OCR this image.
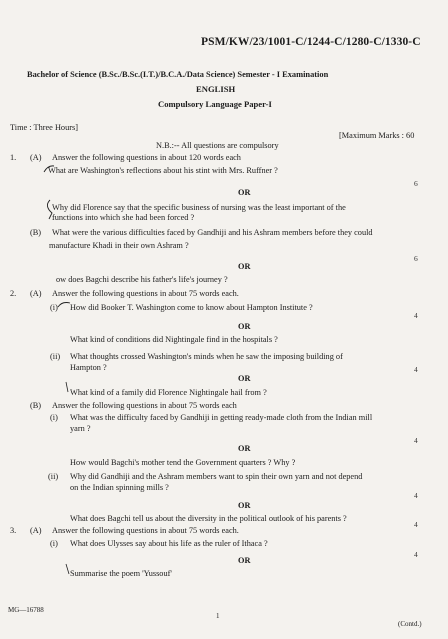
PSM/KW/23/1001-C/1244-C/1280-C/1330-C
Bachelor of Science (B.Sc./B.Sc.(I.T.)/B.C.A./Data Science) Semester - I Examination
ENGLISH
Compulsory Language Paper-I
Time : Three Hours]
[Maximum Marks : 60
N.B.:-- All questions are compulsory
1. (A) Answer the following questions in about 120 words each
What are Washington's reflections about his stint with Mrs. Ruffner ?
6
OR
Why did Florence say that the specific business of nursing was the least important of the
functions into which she had been forced ?
(B) What were the various difficulties faced by Gandhiji and his Ashram members before they could
manufacture Khadi in their own Ashram ?
6
OR
ow does Bagchi describe his father's life's journey ?
2. (A) Answer the following questions in about 75 words each.
(i) How did Booker T. Washington come to know about Hampton Institute ?
4
OR
What kind of conditions did Nightingale find in the hospitals ?
(ii) What thoughts crossed Washington's minds when he saw the imposing building of
Hampton ?	4
OR
What kind of a family did Florence Nightingale hail from ?
(B) Answer the following questions in about 75 words each
(i) What was the difficulty faced by Gandhiji in getting ready-made cloth from the Indian mill
yarn ?
4
OR
How would Bagchi's mother tend the Government quarters ? Why ?
(ii) Why did Gandhiji and the Ashram members want to spin their own yarn and not depend
on the Indian spinning mills ?
4
OR
What does Bagchi tell us about the diversity in the political outlook of his parents ?
4
3. (A) Answer the following questions in about 75 words each.
(i) What does Ulysses say about his life as the ruler of Ithaca ?
4
OR
Summarise the poem 'Yussouf'
MG—16788
1
(Contd.)
